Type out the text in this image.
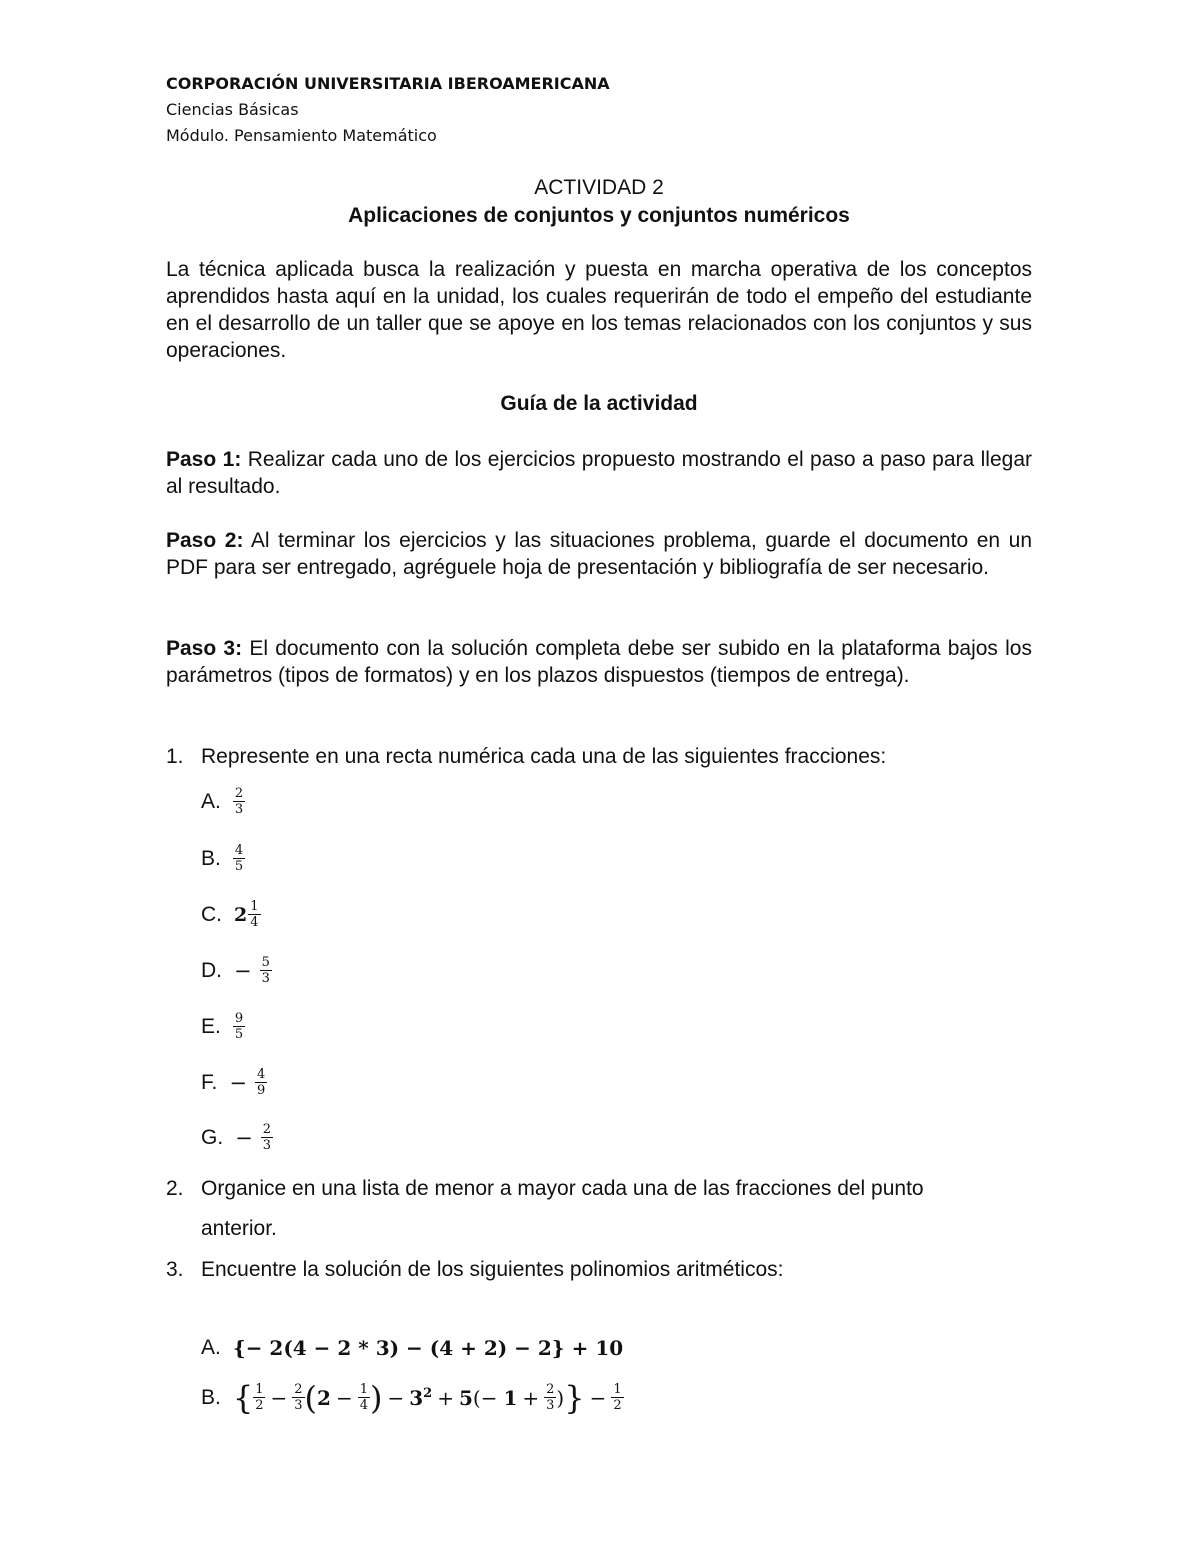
CORPORACIÓN UNIVERSITARIA IBEROAMERICANA
Ciencias Básicas
Módulo. Pensamiento Matemático
ACTIVIDAD 2
Aplicaciones de conjuntos y conjuntos numéricos
La técnica aplicada busca la realización y puesta en marcha operativa de los conceptos aprendidos hasta aquí en la unidad, los cuales requerirán de todo el empeño del estudiante en el desarrollo de un taller que se apoye en los temas relacionados con los conjuntos y sus operaciones.
Guía de la actividad
Paso 1: Realizar cada uno de los ejercicios propuesto mostrando el paso a paso para llegar al resultado.
Paso 2: Al terminar los ejercicios y las situaciones problema, guarde el documento en un PDF para ser entregado, agréguele hoja de presentación y bibliografía de ser necesario.
Paso 3: El documento con la solución completa debe ser subido en la plataforma bajos los parámetros (tipos de formatos) y en los plazos dispuestos (tiempos de entrega).
1. Represente en una recta numérica cada una de las siguientes fracciones:
A. $\frac{2}{3}$
B. $\frac{4}{5}$
C. $2 \frac{1}{4}$
D. − $\frac{5}{3}$
E. $\frac{9}{5}$
F. − $\frac{4}{9}$
G. − $\frac{2}{3}$
2. Organice en una lista de menor a mayor cada una de las fracciones del punto
anterior.
3. Encuentre la solución de los siguientes polinomios aritméticos:
A. {− 2(4 − 2 * 3) − (4 + 2) − 2} + 10
B. { $\frac{1}{2} - \frac{2}{3}$ ( $2 - \frac{1}{4}$ ) − $3^2 + 5$ (− $1 + \frac{2}{3}$ ) } − $\frac{1}{2}$
